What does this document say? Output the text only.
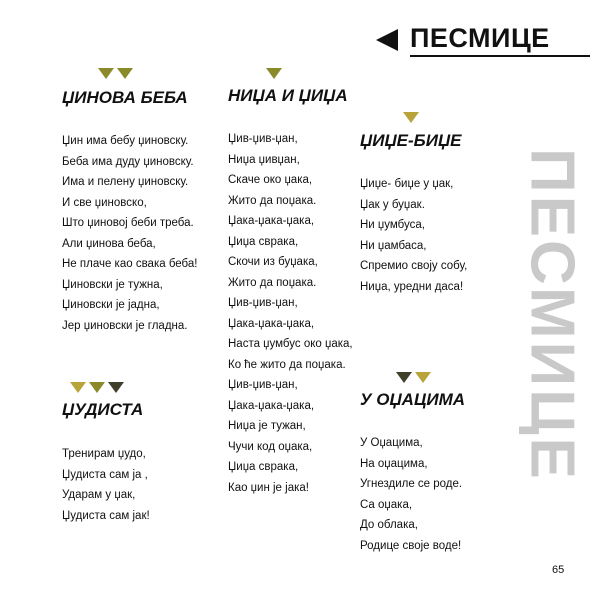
ПЕСМИЦЕ
ПЕСМИЦЕ
ЏИНОВА БЕБА
Џин има бебу џиновску.
Беба има дуду џиновску.
Има и пелену џиновску.
И све џиновско,
Што џиновој беби треба.
Али џинова беба,
Не плаче као свака беба!
Џиновски је тужна,
Џиновски је јадна,
Јер џиновски је гладна.
НИЏА И ЏИЏА
Џив-џив-џан,
Ниџа џивџан,
Скаче око џака,
Жито да поџака.
Џака-џака-џака,
Џиџа сврака,
Скочи из буџака,
Жито да поџака.
Џив-џив-џан,
Џака-џака-џака,
Наста џумбус око џака,
Ко ће жито да поџака.
Џив-џив-џан,
Џака-џака-џака,
Ниџа је тужан,
Чучи код оџака,
Џиџа сврака,
Као џин је јака!
ЏИЏЕ-БИЏЕ
Џиџе- биџе у џак,
Џак у буџак.
Ни џумбуса,
Ни џамбаса,
Спремио своју собу,
Ниџа, уредни даса!
ЏУДИСТА
Тренирам џудо,
Џудиста сам ја ,
Ударам у џак,
Џудиста сам јак!
У ОЏАЦИМА
У Оџацима,
На оџацима,
Угнездиле се роде.
Са оџака,
До облака,
Родице своје воде!
65
